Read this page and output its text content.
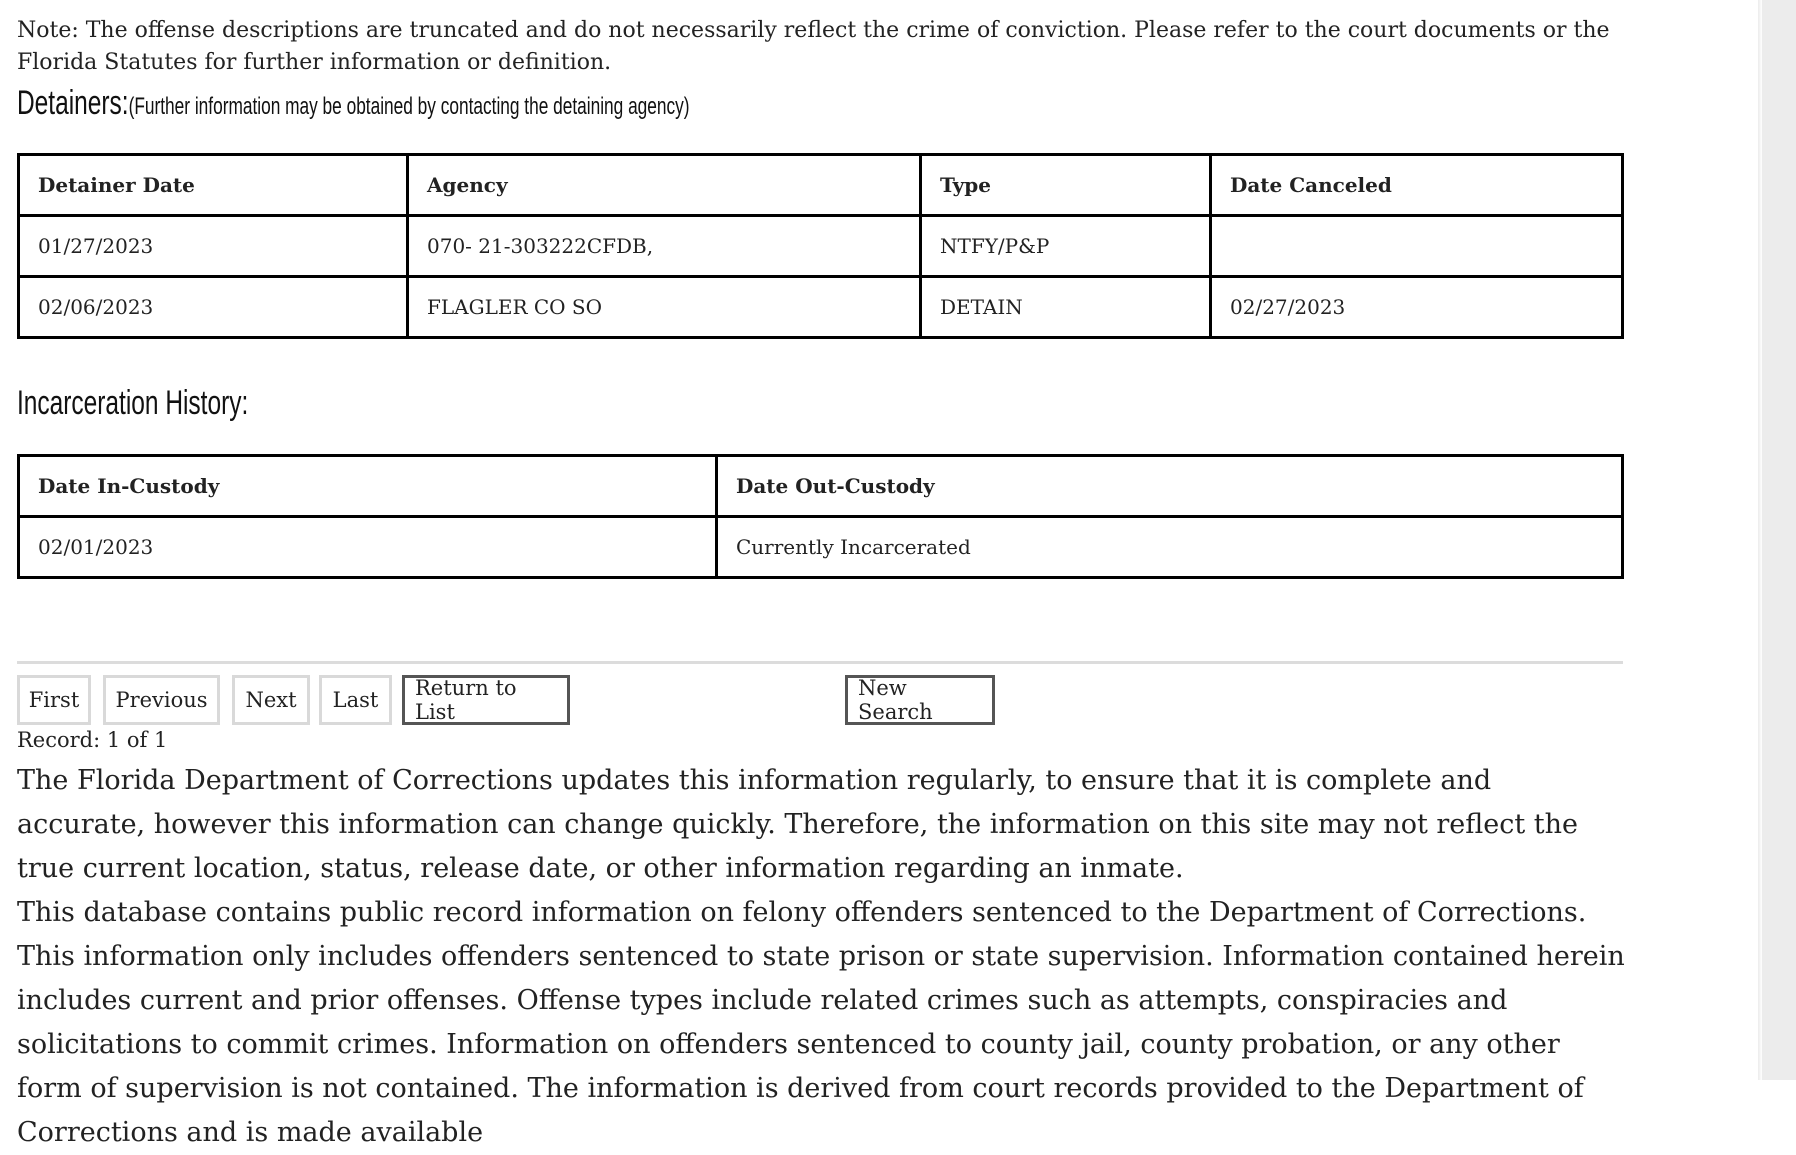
Note: The offense descriptions are truncated and do not necessarily reflect the crime of conviction. Please refer to the court documents or the Florida Statutes for further information or definition.
Detainers:(Further information may be obtained by contacting the detaining agency)
Detainer Date	Agency	Type	Date Canceled
01/27/2023	070- 21-303222CFDB,	NTFY/P&P	
02/06/2023	FLAGLER CO SO	DETAIN	02/27/2023
Incarceration History:
Date In-Custody	Date Out-Custody
02/01/2023	Currently Incarcerated
First	Previous	Next	Last	Return to List
New Search
Record: 1 of 1
The Florida Department of Corrections updates this information regularly, to ensure that it is complete and accurate, however this information can change quickly. Therefore, the information on this site may not reflect the true current location, status, release date, or other information regarding an inmate.
This database contains public record information on felony offenders sentenced to the Department of Corrections. This information only includes offenders sentenced to state prison or state supervision. Information contained herein includes current and prior offenses. Offense types include related crimes such as attempts, conspiracies and solicitations to commit crimes. Information on offenders sentenced to county jail, county probation, or any other form of supervision is not contained. The information is derived from court records provided to the Department of Corrections and is made available
